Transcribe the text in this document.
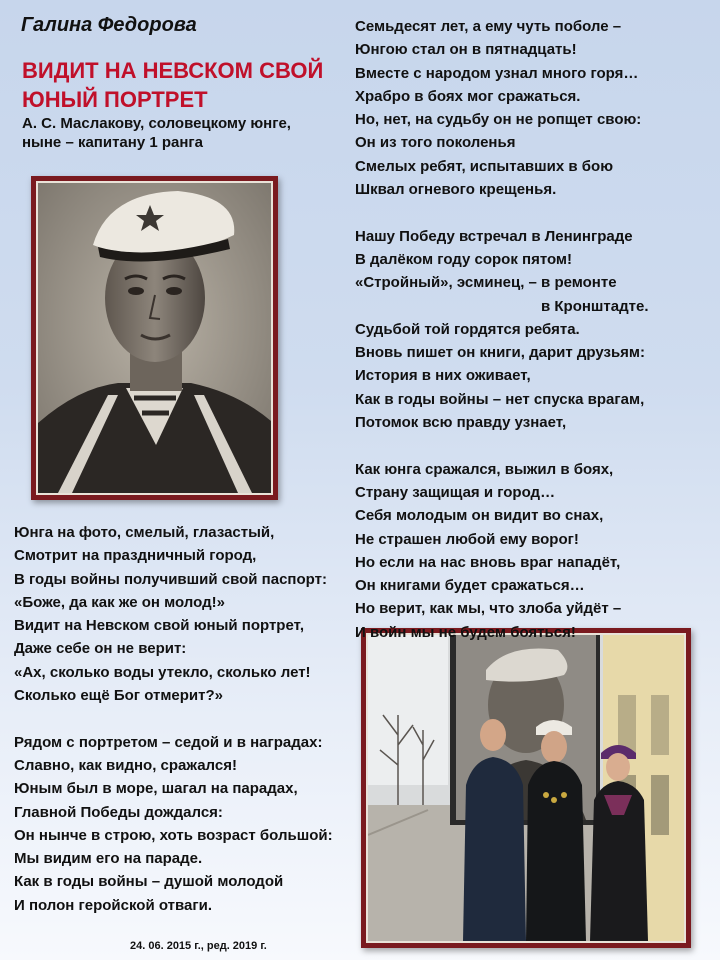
Галина Федорова
ВИДИТ НА НЕВСКОМ СВОЙ
ЮНЫЙ ПОРТРЕТ
А. С. Маслакову, соловецкому юнге,
ныне – капитану 1 ранга
Семьдесят лет, а ему чуть поболе –
Юнгою стал он в пятнадцать!
Вместе с народом узнал много горя…
Храбро в боях мог сражаться.
Но, нет, на судьбу он не ропщет свою:
Он из того поколенья
Смелых ребят, испытавших в бою
Шквал огневого крещенья.
Нашу Победу встречал в Ленинграде
В далёком году сорок пятом!
«Стройный», эсминец, – в ремонте
в Кронштадте.
Судьбой той гордятся ребята.
Вновь пишет он книги, дарит друзьям:
История в них оживает,
Как в годы войны – нет спуска врагам,
Потомок всю правду узнает,
Как юнга сражался, выжил в боях,
Страну защищая и город…
Себя молодым он видит во снах,
Не страшен любой ему ворог!
Но если на нас вновь враг нападёт,
Он книгами будет сражаться…
Но верит, как мы, что злоба уйдёт –
И войн мы не будем бояться!
Юнга на фото, смелый, глазастый,
Смотрит на праздничный город,
В годы войны получивший свой паспорт:
«Боже, да как же он молод!»
Видит на Невском свой юный портрет,
Даже себе он не верит:
«Ах, сколько воды утекло, сколько лет!
Сколько ещё Бог отмерит?»
Рядом с портретом – седой и в наградах:
Славно, как видно, сражался!
Юным был в море, шагал на парадах,
Главной Победы дождался:
Он нынче в строю, хоть возраст большой:
Мы видим его на параде.
Как в годы войны – душой молодой
И полон геройской отваги.
24. 06. 2015 г., ред. 2019 г.
